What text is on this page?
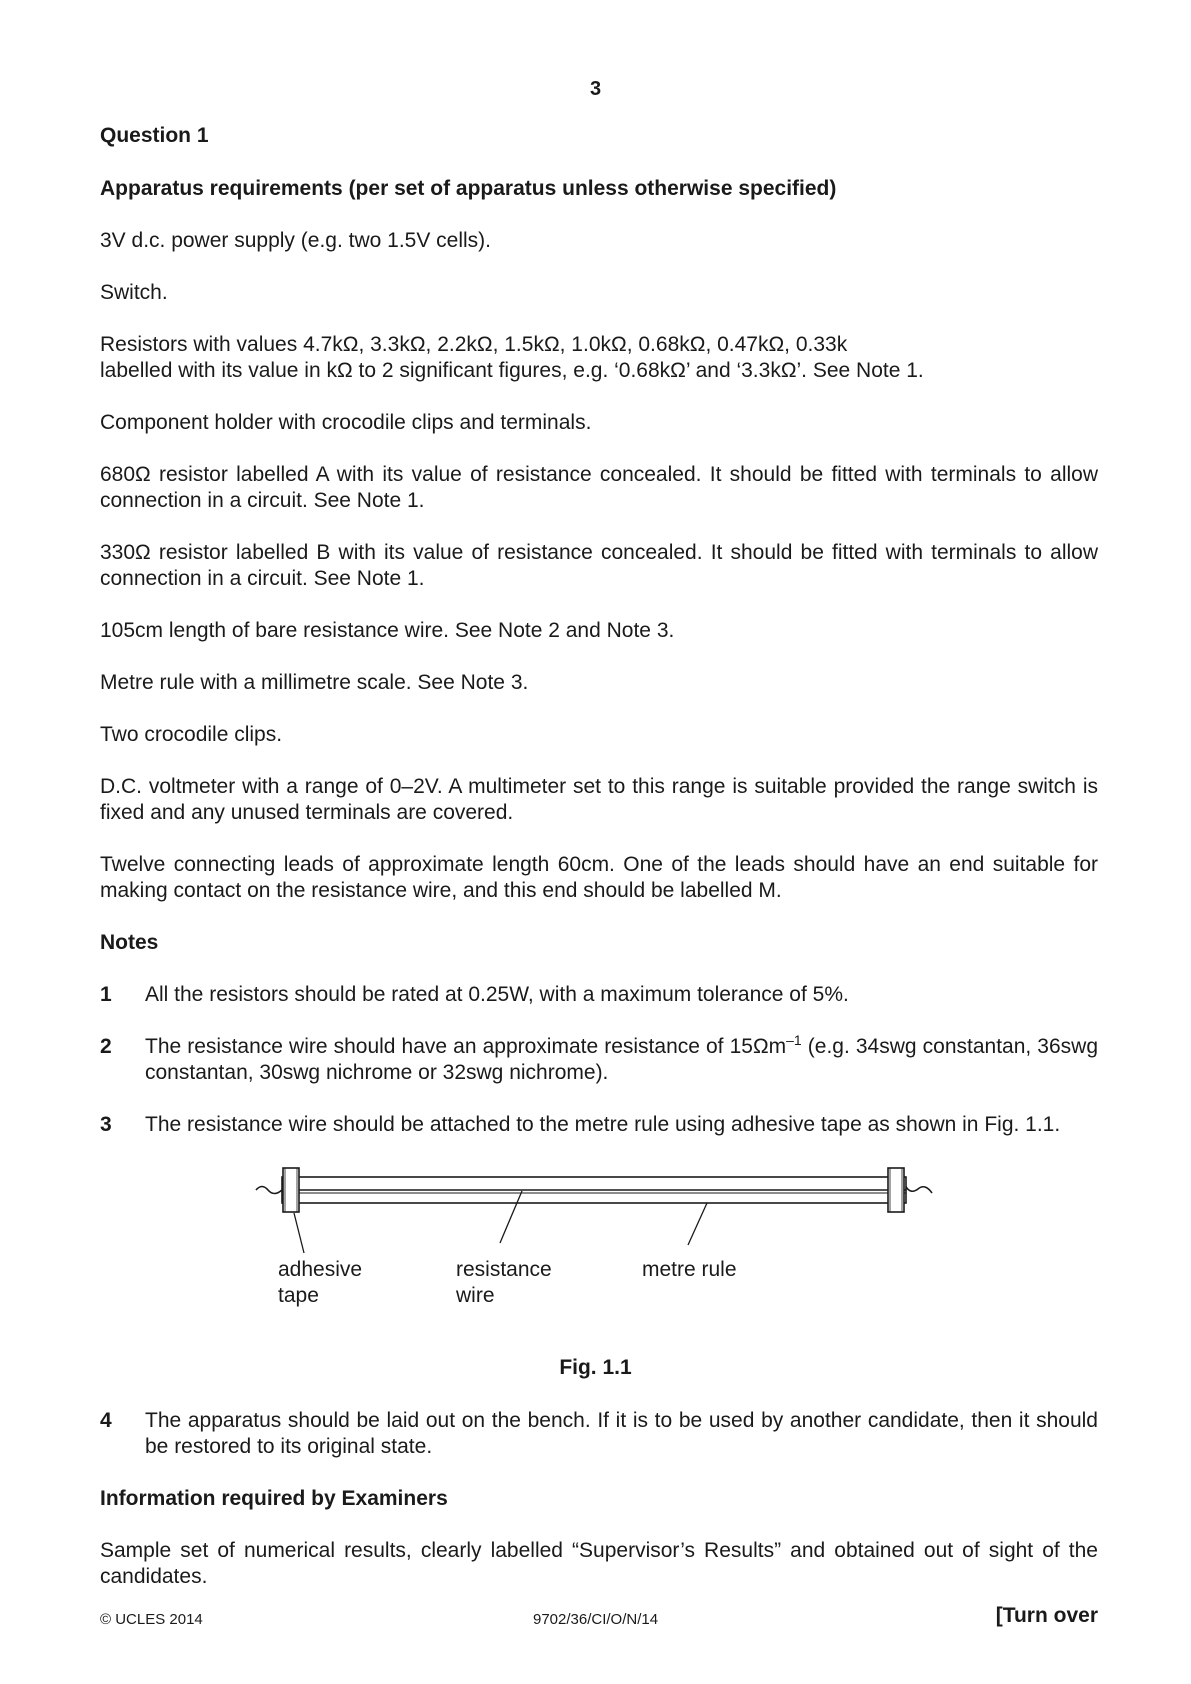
3
Question 1
Apparatus requirements (per set of apparatus unless otherwise specified)
3V d.c. power supply (e.g. two 1.5V cells).
Switch.
Resistors with values 4.7kΩ, 3.3kΩ, 2.2kΩ, 1.5kΩ, 1.0kΩ, 0.68kΩ, 0.47kΩ, 0.33k
labelled with its value in kΩ to 2 significant figures, e.g. ‘0.68kΩ’ and ‘3.3kΩ’. See Note 1.
Component holder with crocodile clips and terminals.
680Ω resistor labelled A with its value of resistance concealed. It should be fitted with terminals to allow connection in a circuit. See Note 1.
330Ω resistor labelled B with its value of resistance concealed. It should be fitted with terminals to allow connection in a circuit. See Note 1.
105cm length of bare resistance wire. See Note 2 and Note 3.
Metre rule with a millimetre scale. See Note 3.
Two crocodile clips.
D.C. voltmeter with a range of 0–2V. A multimeter set to this range is suitable provided the range switch is fixed and any unused terminals are covered.
Twelve connecting leads of approximate length 60cm. One of the leads should have an end suitable for making contact on the resistance wire, and this end should be labelled M.
Notes
1 All the resistors should be rated at 0.25W, with a maximum tolerance of 5%.
2 The resistance wire should have an approximate resistance of $15\Omega m^{-1}$ (e.g. 34swg constantan, 36swg constantan, 30swg nichrome or 32swg nichrome).
3 The resistance wire should be attached to the metre rule using adhesive tape as shown in Fig. 1.1.
adhesive
tape
resistance
wire
metre rule
Fig. 1.1
4 The apparatus should be laid out on the bench. If it is to be used by another candidate, then it should be restored to its original state.
Information required by Examiners
Sample set of numerical results, clearly labelled “Supervisor’s Results” and obtained out of sight of the candidates.
© UCLES 2014	9702/36/CI/O/N/14	[Turn over
